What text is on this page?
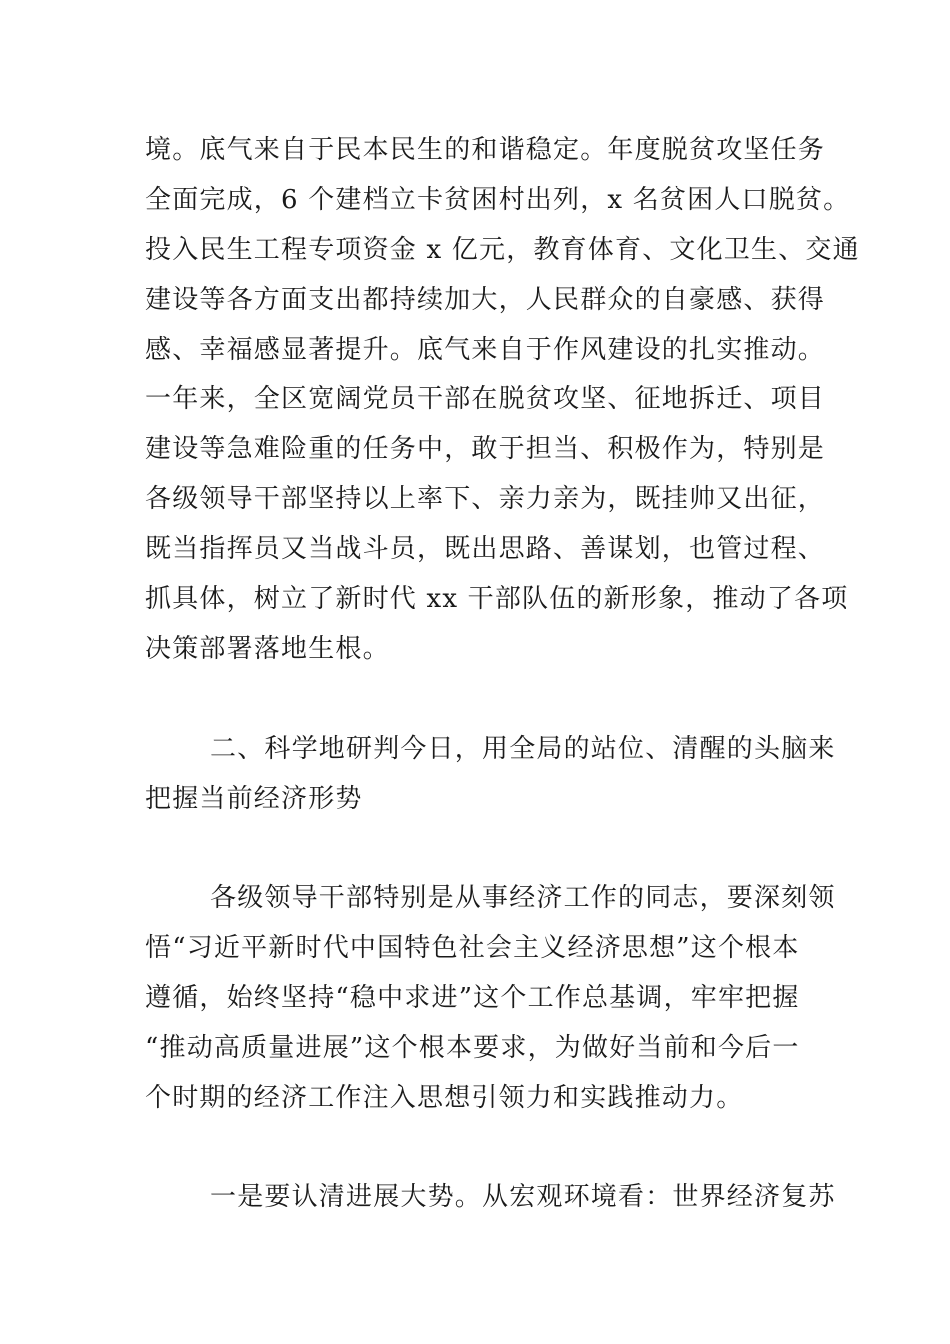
境。底气来自于民本民生的和谐稳定。年度脱贫攻坚任务
全面完成，6 个建档立卡贫困村出列，x 名贫困人口脱贫。
投入民生工程专项资金 x 亿元，教育体育、文化卫生、交通
建设等各方面支出都持续加大，人民群众的自豪感、获得
感、幸福感显著提升。底气来自于作风建设的扎实推动。
一年来，全区宽阔党员干部在脱贫攻坚、征地拆迁、项目
建设等急难险重的任务中，敢于担当、积极作为，特别是
各级领导干部坚持以上率下、亲力亲为，既挂帅又出征，
既当指挥员又当战斗员，既出思路、善谋划，也管过程、
抓具体，树立了新时代 xx 干部队伍的新形象，推动了各项
决策部署落地生根。
二、科学地研判今日，用全局的站位、清醒的头脑来
把握当前经济形势
各级领导干部特别是从事经济工作的同志，要深刻领
悟“习近平新时代中国特色社会主义经济思想”这个根本
遵循，始终坚持“稳中求进”这个工作总基调，牢牢把握
“推动高质量进展”这个根本要求，为做好当前和今后一
个时期的经济工作注入思想引领力和实践推动力。
一是要认清进展大势。从宏观环境看：世界经济复苏
